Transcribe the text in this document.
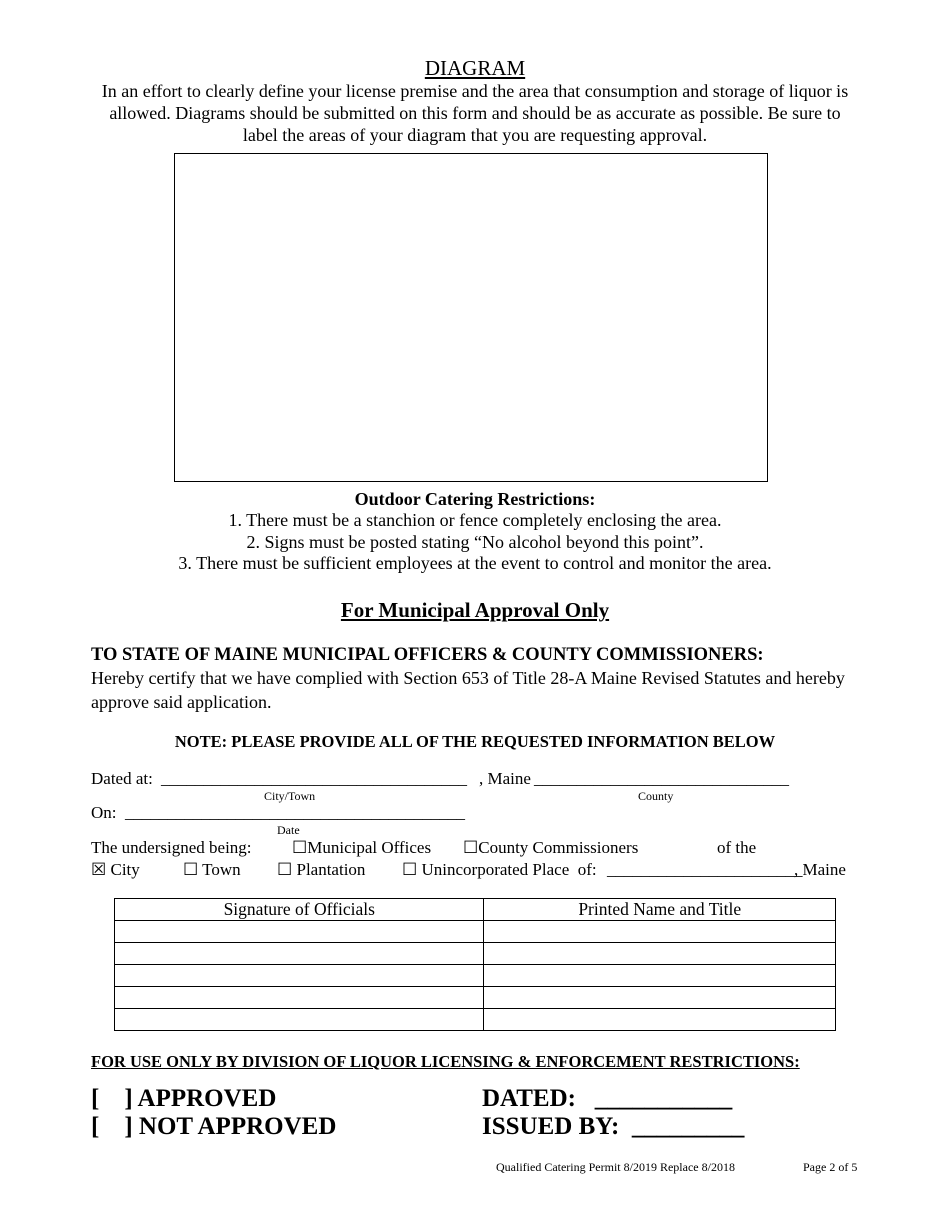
DIAGRAM
In an effort to clearly define your license premise and the area that consumption and storage of liquor is allowed. Diagrams should be submitted on this form and should be as accurate as possible. Be sure to label the areas of your diagram that you are requesting approval.
Outdoor Catering Restrictions:
1. There must be a stanchion or fence completely enclosing the area.
2. Signs must be posted stating “No alcohol beyond this point”.
3. There must be sufficient employees at the event to control and monitor the area.
For Municipal Approval Only
TO STATE OF MAINE MUNICIPAL OFFICERS & COUNTY COMMISSIONERS:
Hereby certify that we have complied with Section 653 of Title 28-A Maine Revised Statutes and hereby approve said application.
NOTE: PLEASE PROVIDE ALL OF THE REQUESTED INFORMATION BELOW
Dated at: ____________________________________ , Maine ______________________________
City/Town	County
On: ________________________________________
Date
The undersigned being: ☐Municipal Offices ☐County Commissioners	of the
☒ City	☐ Town ☐ Plantation ☐ Unincorporated Place  of: _______________________
, Maine
Signature of Officials	Printed Name and Title

FOR USE ONLY BY DIVISION OF LIQUOR LICENSING & ENFORCEMENT RESTRICTIONS:
[    ] APPROVED
[    ] NOT APPROVED
DATED:   ___________
ISSUED BY:  _________
Qualified Catering Permit 8/2019 Replace 8/2018	Page 2 of 5
